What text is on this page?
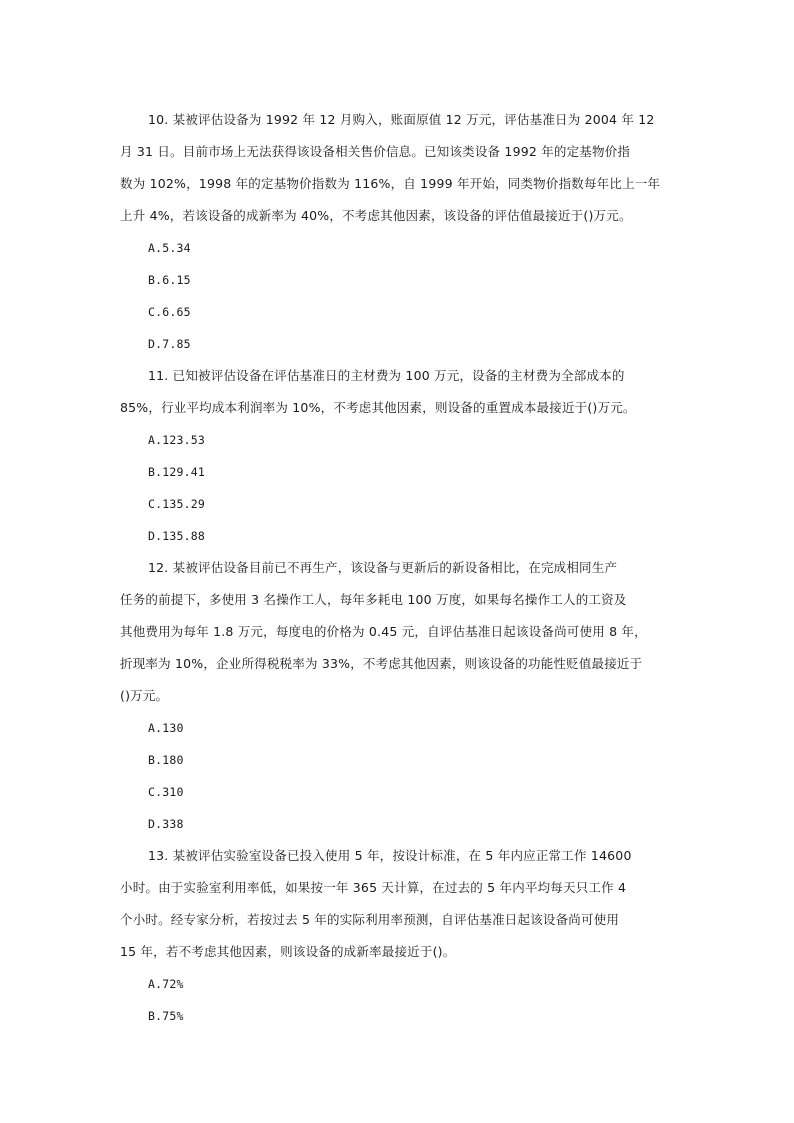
10. 某被评估设备为 1992 年 12 月购入，账面原值 12 万元，评估基准日为 2004 年 12
月 31 日。目前市场上无法获得该设备相关售价信息。已知该类设备 1992 年的定基物价指
数为 102%，1998 年的定基物价指数为 116%，自 1999 年开始，同类物价指数每年比上一年
上升 4%，若该设备的成新率为 40%，不考虑其他因素，该设备的评估值最接近于()万元。
A.5.34
B.6.15
C.6.65
D.7.85
11. 已知被评估设备在评估基准日的主材费为 100 万元，设备的主材费为全部成本的
85%，行业平均成本利润率为 10%，不考虑其他因素，则设备的重置成本最接近于()万元。
A.123.53
B.129.41
C.135.29
D.135.88
12. 某被评估设备目前已不再生产，该设备与更新后的新设备相比，在完成相同生产
任务的前提下，多使用 3 名操作工人，每年多耗电 100 万度，如果每名操作工人的工资及
其他费用为每年 1.8 万元，每度电的价格为 0.45 元，自评估基准日起该设备尚可使用 8 年，
折现率为 10%，企业所得税税率为 33%，不考虑其他因素，则该设备的功能性贬值最接近于
()万元。
A.130
B.180
C.310
D.338
13. 某被评估实验室设备已投入使用 5 年，按设计标准，在 5 年内应正常工作 14600
小时。由于实验室利用率低，如果按一年 365 天计算，在过去的 5 年内平均每天只工作 4
个小时。经专家分析，若按过去 5 年的实际利用率预测，自评估基准日起该设备尚可使用
15 年，若不考虑其他因素，则该设备的成新率最接近于()。
A.72%
B.75%
